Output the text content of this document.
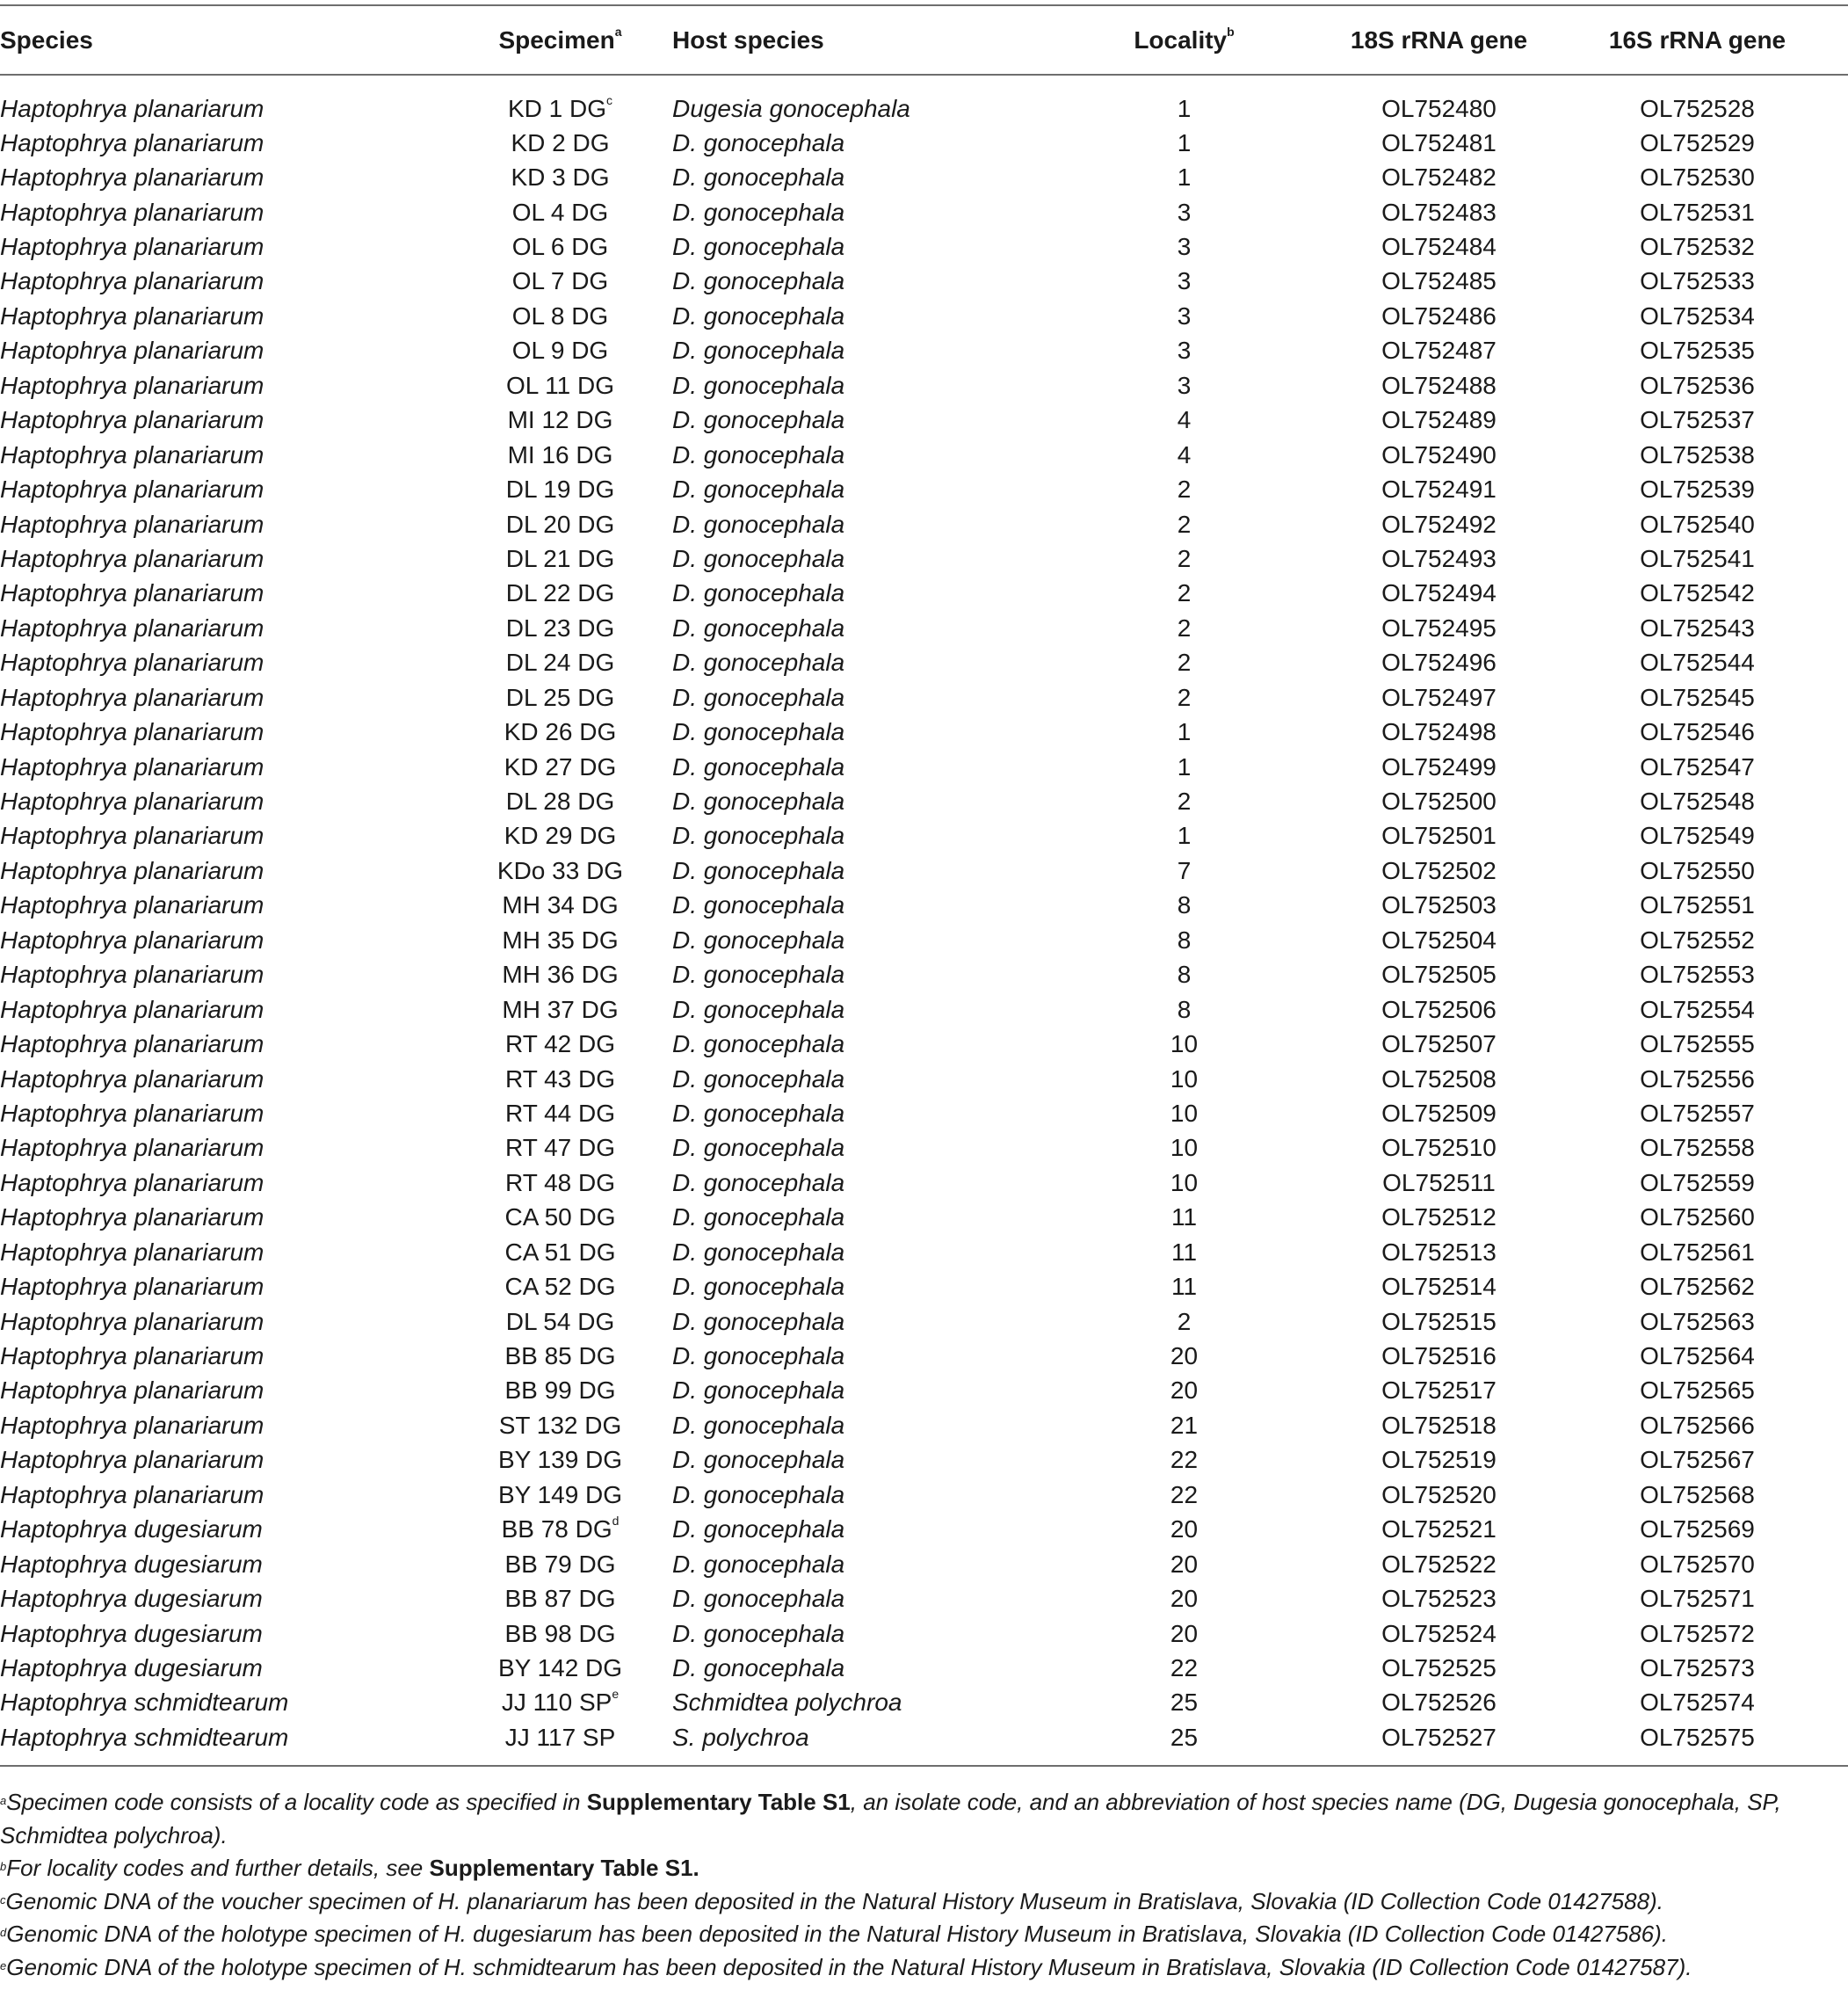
Species	Specimen$^a$	Host species	Locality$^b$	18S rRNA gene	16S rRNA gene
Haptophrya planariarum	KD 1 $DG^c$	Dugesia gonocephala	1	OL752480	OL752528
Haptophrya planariarum	KD 2 DG	D. gonocephala	1	OL752481	OL752529
Haptophrya planariarum	KD 3 DG	D. gonocephala	1	OL752482	OL752530
Haptophrya planariarum	OL 4 DG	D. gonocephala	3	OL752483	OL752531
Haptophrya planariarum	OL 6 DG	D. gonocephala	3	OL752484	OL752532
Haptophrya planariarum	OL 7 DG	D. gonocephala	3	OL752485	OL752533
Haptophrya planariarum	OL 8 DG	D. gonocephala	3	OL752486	OL752534
Haptophrya planariarum	OL 9 DG	D. gonocephala	3	OL752487	OL752535
Haptophrya planariarum	OL 11 DG	D. gonocephala	3	OL752488	OL752536
Haptophrya planariarum	MI 12 DG	D. gonocephala	4	OL752489	OL752537
Haptophrya planariarum	MI 16 DG	D. gonocephala	4	OL752490	OL752538
Haptophrya planariarum	DL 19 DG	D. gonocephala	2	OL752491	OL752539
Haptophrya planariarum	DL 20 DG	D. gonocephala	2	OL752492	OL752540
Haptophrya planariarum	DL 21 DG	D. gonocephala	2	OL752493	OL752541
Haptophrya planariarum	DL 22 DG	D. gonocephala	2	OL752494	OL752542
Haptophrya planariarum	DL 23 DG	D. gonocephala	2	OL752495	OL752543
Haptophrya planariarum	DL 24 DG	D. gonocephala	2	OL752496	OL752544
Haptophrya planariarum	DL 25 DG	D. gonocephala	2	OL752497	OL752545
Haptophrya planariarum	KD 26 DG	D. gonocephala	1	OL752498	OL752546
Haptophrya planariarum	KD 27 DG	D. gonocephala	1	OL752499	OL752547
Haptophrya planariarum	DL 28 DG	D. gonocephala	2	OL752500	OL752548
Haptophrya planariarum	KD 29 DG	D. gonocephala	1	OL752501	OL752549
Haptophrya planariarum	KDo 33 DG	D. gonocephala	7	OL752502	OL752550
Haptophrya planariarum	MH 34 DG	D. gonocephala	8	OL752503	OL752551
Haptophrya planariarum	MH 35 DG	D. gonocephala	8	OL752504	OL752552
Haptophrya planariarum	MH 36 DG	D. gonocephala	8	OL752505	OL752553
Haptophrya planariarum	MH 37 DG	D. gonocephala	8	OL752506	OL752554
Haptophrya planariarum	RT 42 DG	D. gonocephala	10	OL752507	OL752555
Haptophrya planariarum	RT 43 DG	D. gonocephala	10	OL752508	OL752556
Haptophrya planariarum	RT 44 DG	D. gonocephala	10	OL752509	OL752557
Haptophrya planariarum	RT 47 DG	D. gonocephala	10	OL752510	OL752558
Haptophrya planariarum	RT 48 DG	D. gonocephala	10	OL752511	OL752559
Haptophrya planariarum	CA 50 DG	D. gonocephala	11	OL752512	OL752560
Haptophrya planariarum	CA 51 DG	D. gonocephala	11	OL752513	OL752561
Haptophrya planariarum	CA 52 DG	D. gonocephala	11	OL752514	OL752562
Haptophrya planariarum	DL 54 DG	D. gonocephala	2	OL752515	OL752563
Haptophrya planariarum	BB 85 DG	D. gonocephala	20	OL752516	OL752564
Haptophrya planariarum	BB 99 DG	D. gonocephala	20	OL752517	OL752565
Haptophrya planariarum	ST 132 DG	D. gonocephala	21	OL752518	OL752566
Haptophrya planariarum	BY 139 DG	D. gonocephala	22	OL752519	OL752567
Haptophrya planariarum	BY 149 DG	D. gonocephala	22	OL752520	OL752568
Haptophrya dugesiarum	BB 78 $DG^d$	D. gonocephala	20	OL752521	OL752569
Haptophrya dugesiarum	BB 79 DG	D. gonocephala	20	OL752522	OL752570
Haptophrya dugesiarum	BB 87 DG	D. gonocephala	20	OL752523	OL752571
Haptophrya dugesiarum	BB 98 DG	D. gonocephala	20	OL752524	OL752572
Haptophrya dugesiarum	BY 142 DG	D. gonocephala	22	OL752525	OL752573
Haptophrya schmidtearum	JJ 110 $SP^e$	Schmidtea polychroa	25	OL752526	OL752574
Haptophrya schmidtearum	JJ 117 SP	S. polychroa	25	OL752527	OL752575

$^a$Specimen code consists of a locality code as specified in Supplementary Table S1, an isolate code, and an abbreviation of host species name (DG, Dugesia gonocephala, SP, Schmidtea polychroa).

$^b$For locality codes and further details, see Supplementary Table S1.

$^c$Genomic DNA of the voucher specimen of H. planariarum has been deposited in the Natural History Museum in Bratislava, Slovakia (ID Collection Code 01427588).

$^d$Genomic DNA of the holotype specimen of H. dugesiarum has been deposited in the Natural History Museum in Bratislava, Slovakia (ID Collection Code 01427586).

$^e$Genomic DNA of the holotype specimen of H. schmidtearum has been deposited in the Natural History Museum in Bratislava, Slovakia (ID Collection Code 01427587).
